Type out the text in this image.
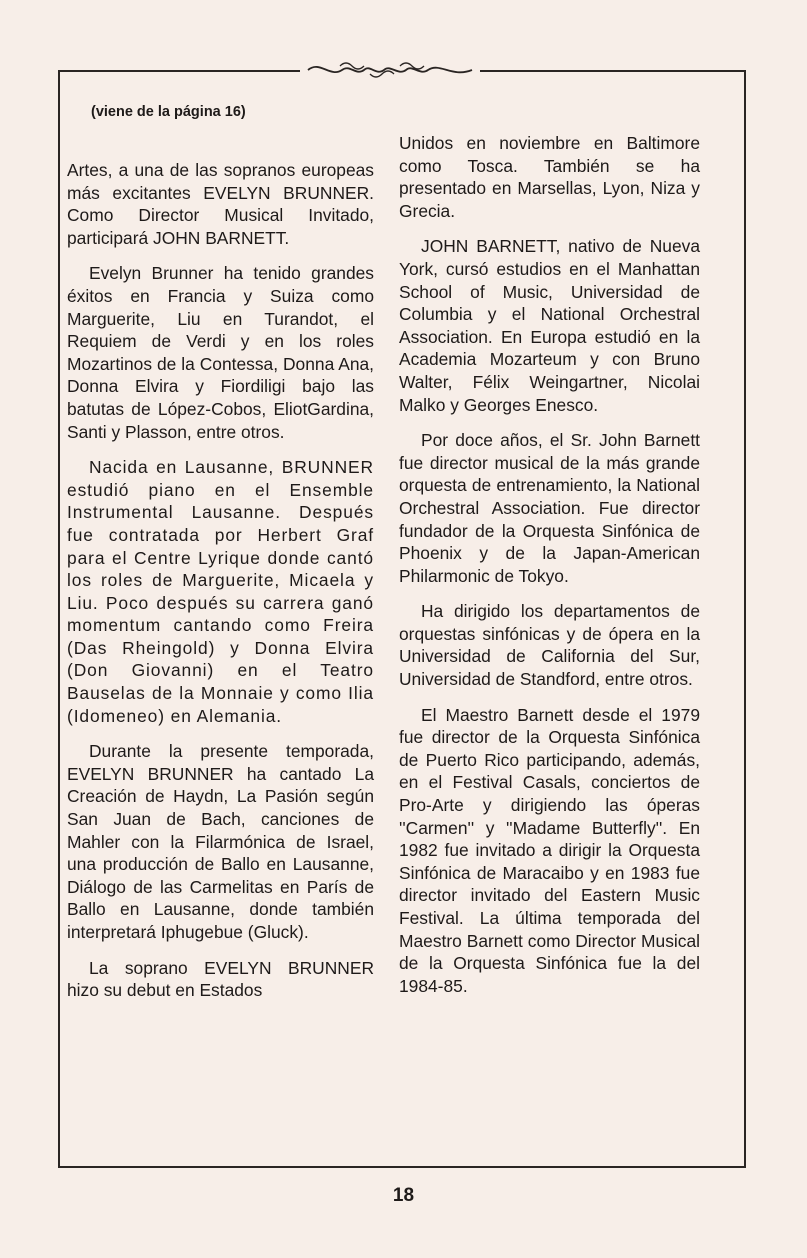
(viene de la página 16)

Artes, a una de las sopranos europeas más excitantes EVELYN BRUNNER. Como Director Musical Invitado, participará JOHN BARNETT.

Evelyn Brunner ha tenido grandes éxitos en Francia y Suiza como Marguerite, Liu en Turandot, el Requiem de Verdi y en los roles Mozartinos de la Contessa, Donna Ana, Donna Elvira y Fiordiligi bajo las batutas de López-Cobos, EliotGardina, Santi y Plasson, entre otros.

Nacida en Lausanne, BRUNNER estudió piano en el Ensemble Instrumental Lausanne. Después fue contratada por Herbert Graf para el Centre Lyrique donde cantó los roles de Marguerite, Micaela y Liu. Poco después su carrera ganó momentum cantando como Freira (Das Rheingold) y Donna Elvira (Don Giovanni) en el Teatro Bauselas de la Monnaie y como Ilia (Idomeneo) en Alemania.

Durante la presente temporada, EVELYN BRUNNER ha cantado La Creación de Haydn, La Pasión según San Juan de Bach, canciones de Mahler con la Filarmónica de Israel, una producción de Ballo en Lausanne, Diálogo de las Carmelitas en París de Ballo en Lausanne, donde también interpretará Iphugebue (Gluck).

La soprano EVELYN BRUNNER hizo su debut en Estados

Unidos en noviembre en Baltimore como Tosca. También se ha presentado en Marsellas, Lyon, Niza y Grecia.

JOHN BARNETT, nativo de Nueva York, cursó estudios en el Manhattan School of Music, Universidad de Columbia y el National Orchestral Association. En Europa estudió en la Academia Mozarteum y con Bruno Walter, Félix Weingartner, Nicolai Malko y Georges Enesco.

Por doce años, el Sr. John Barnett fue director musical de la más grande orquesta de entrenamiento, la National Orchestral Association. Fue director fundador de la Orquesta Sinfónica de Phoenix y de la Japan-American Philarmonic de Tokyo.

Ha dirigido los departamentos de orquestas sinfónicas y de ópera en la Universidad de California del Sur, Universidad de Standford, entre otros.

El Maestro Barnett desde el 1979 fue director de la Orquesta Sinfónica de Puerto Rico participando, además, en el Festival Casals, conciertos de Pro-Arte y dirigiendo las óperas ''Carmen'' y ''Madame Butterfly''. En 1982 fue invitado a dirigir la Orquesta Sinfónica de Maracaibo y en 1983 fue director invitado del Eastern Music Festival. La última temporada del Maestro Barnett como Director Musical de la Orquesta Sinfónica fue la del 1984-85.

18
